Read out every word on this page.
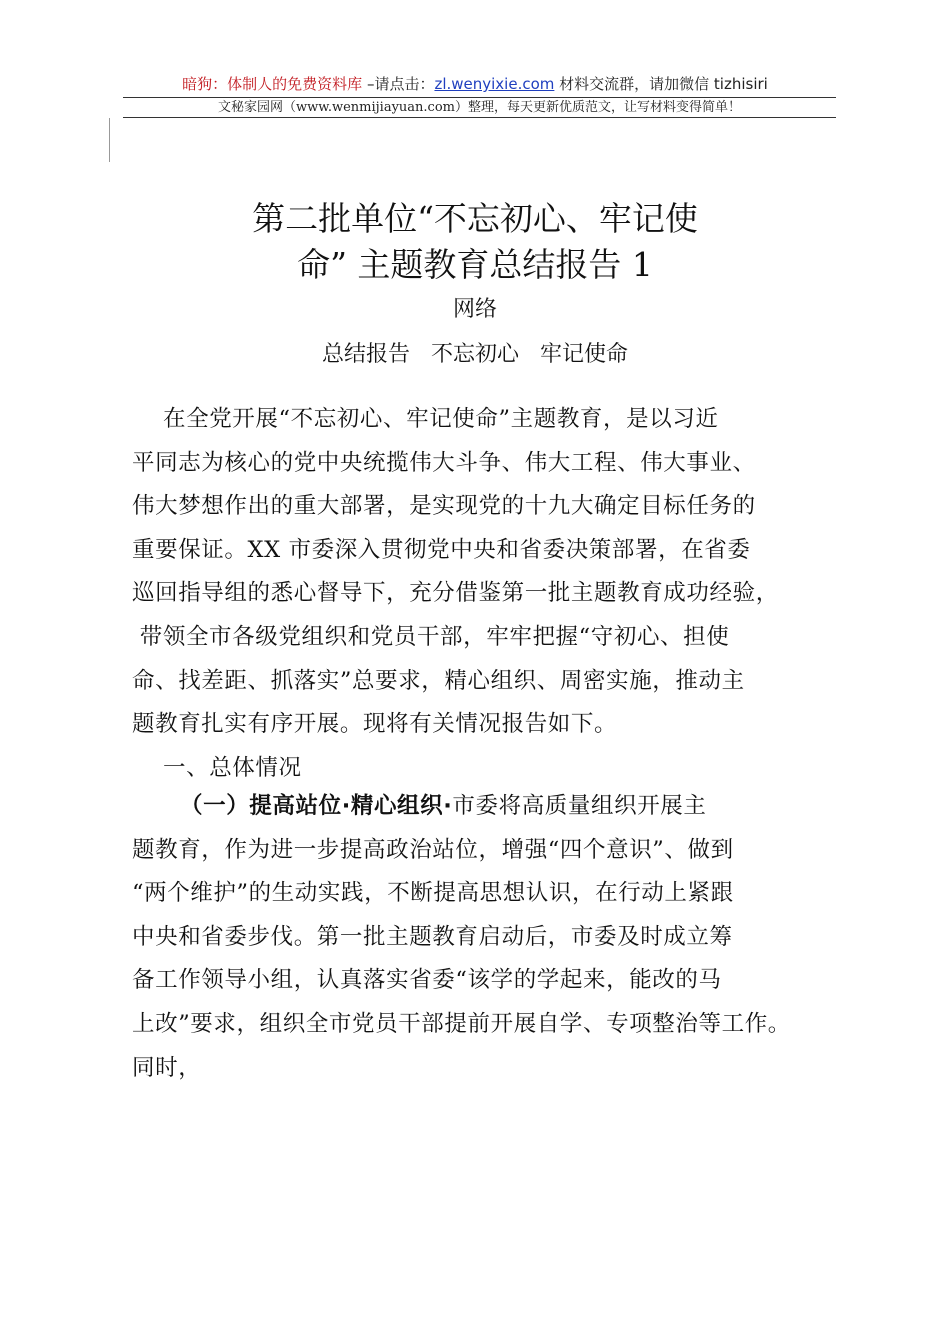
暗狗：体制人的免费资料库 –请点击：zl.wenyixie.com 材料交流群，请加微信 tizhisiri
文秘家园网（www.wenmijiayuan.com）整理，每天更新优质范文，让写材料变得简单！
第二批单位“不忘初心、牢记使
命” 主题教育总结报告 1
网络
总结报告   不忘初心   牢记使命
在全党开展“不忘初心、牢记使命”主题教育，是以习近
平同志为核心的党中央统揽伟大斗争、伟大工程、伟大事业、
伟大梦想作出的重大部署，是实现党的十九大确定目标任务的
重要保证。XX 市委深入贯彻党中央和省委决策部署，在省委
巡回指导组的悉心督导下，充分借鉴第一批主题教育成功经验，
带领全市各级党组织和党员干部，牢牢把握“守初心、担使
命、找差距、抓落实”总要求，精心组织、周密实施，推动主
题教育扎实有序开展。现将有关情况报告如下。
一、总体情况
（一）提高站位·精心组织·市委将高质量组织开展主
题教育，作为进一步提高政治站位，增强“四个意识”、做到
“两个维护”的生动实践，不断提高思想认识，在行动上紧跟
中央和省委步伐。第一批主题教育启动后，市委及时成立筹
备工作领导小组，认真落实省委“该学的学起来，能改的马
上改”要求，组织全市党员干部提前开展自学、专项整治等工作。
同时，
